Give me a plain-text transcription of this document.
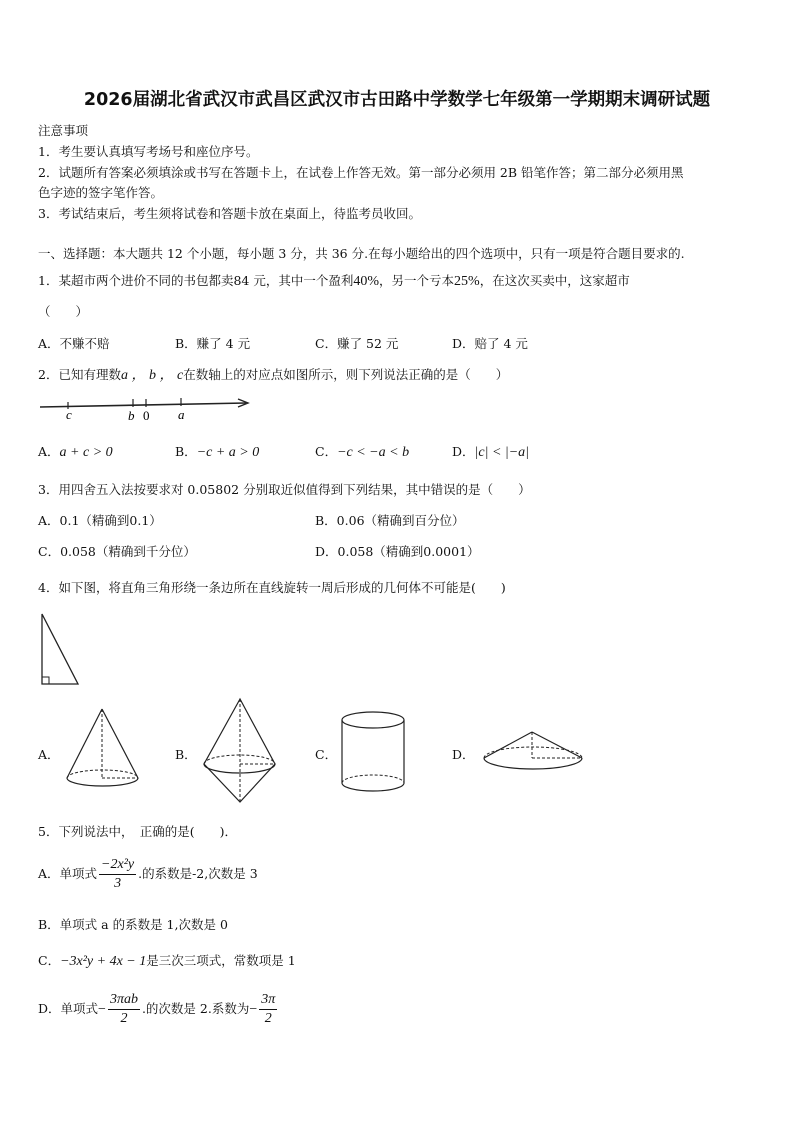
2026届湖北省武汉市武昌区武汉市古田路中学数学七年级第一学期期末调研试题
注意事项
1．考生要认真填写考场号和座位序号。
2．试题所有答案必须填涂或书写在答题卡上，在试卷上作答无效。第一部分必须用 2B 铅笔作答；第二部分必须用黑
色字迹的签字笔作答。
3．考试结束后，考生须将试卷和答题卡放在桌面上，待监考员收回。
一、选择题：本大题共 12 个小题，每小题 3 分，共 36 分.在每小题给出的四个选项中，只有一项是符合题目要求的.
1．某超市两个进价不同的书包都卖84 元，其中一个盈利40%，另一个亏本25%，在这次买卖中，这家超市
（　　）
A．不赚不赔	B．赚了 4 元	C．赚了 52 元	D．赔了 4 元
2．已知有理数a ， b ， c在数轴上的对应点如图所示，则下列说法正确的是（　　）
c	b 0 a
A．a + c > 0	B．−c + a > 0	C．−c < −a < b	D．|c| < |−a|
3．用四舍五入法按要求对 0.05802 分别取近似值得到下列结果，其中错误的是（　　）
A．0.1（精确到0.1）	B．0.06（精确到百分位）
C．0.058（精确到千分位）	D．0.058（精确到0.0001）
4．如下图，将直角三角形绕一条边所在直线旋转一周后形成的几何体不可能是(　　)
A．	B．	C．	D．
5．下列说法中，　正确的是(　　)．
A．单项式 $\frac{\text{−2x²y}}{3}$ .的系数是-2,次数是 3
B．单项式 a 的系数是 1,次数是 0
C．−3x²y + 4x − 1是三次三项式，常数项是 1
D．单项式− $\frac{\text{3πab}}{2}$ .的次数是 2.系数为− $\frac{3\pi}{2}$
